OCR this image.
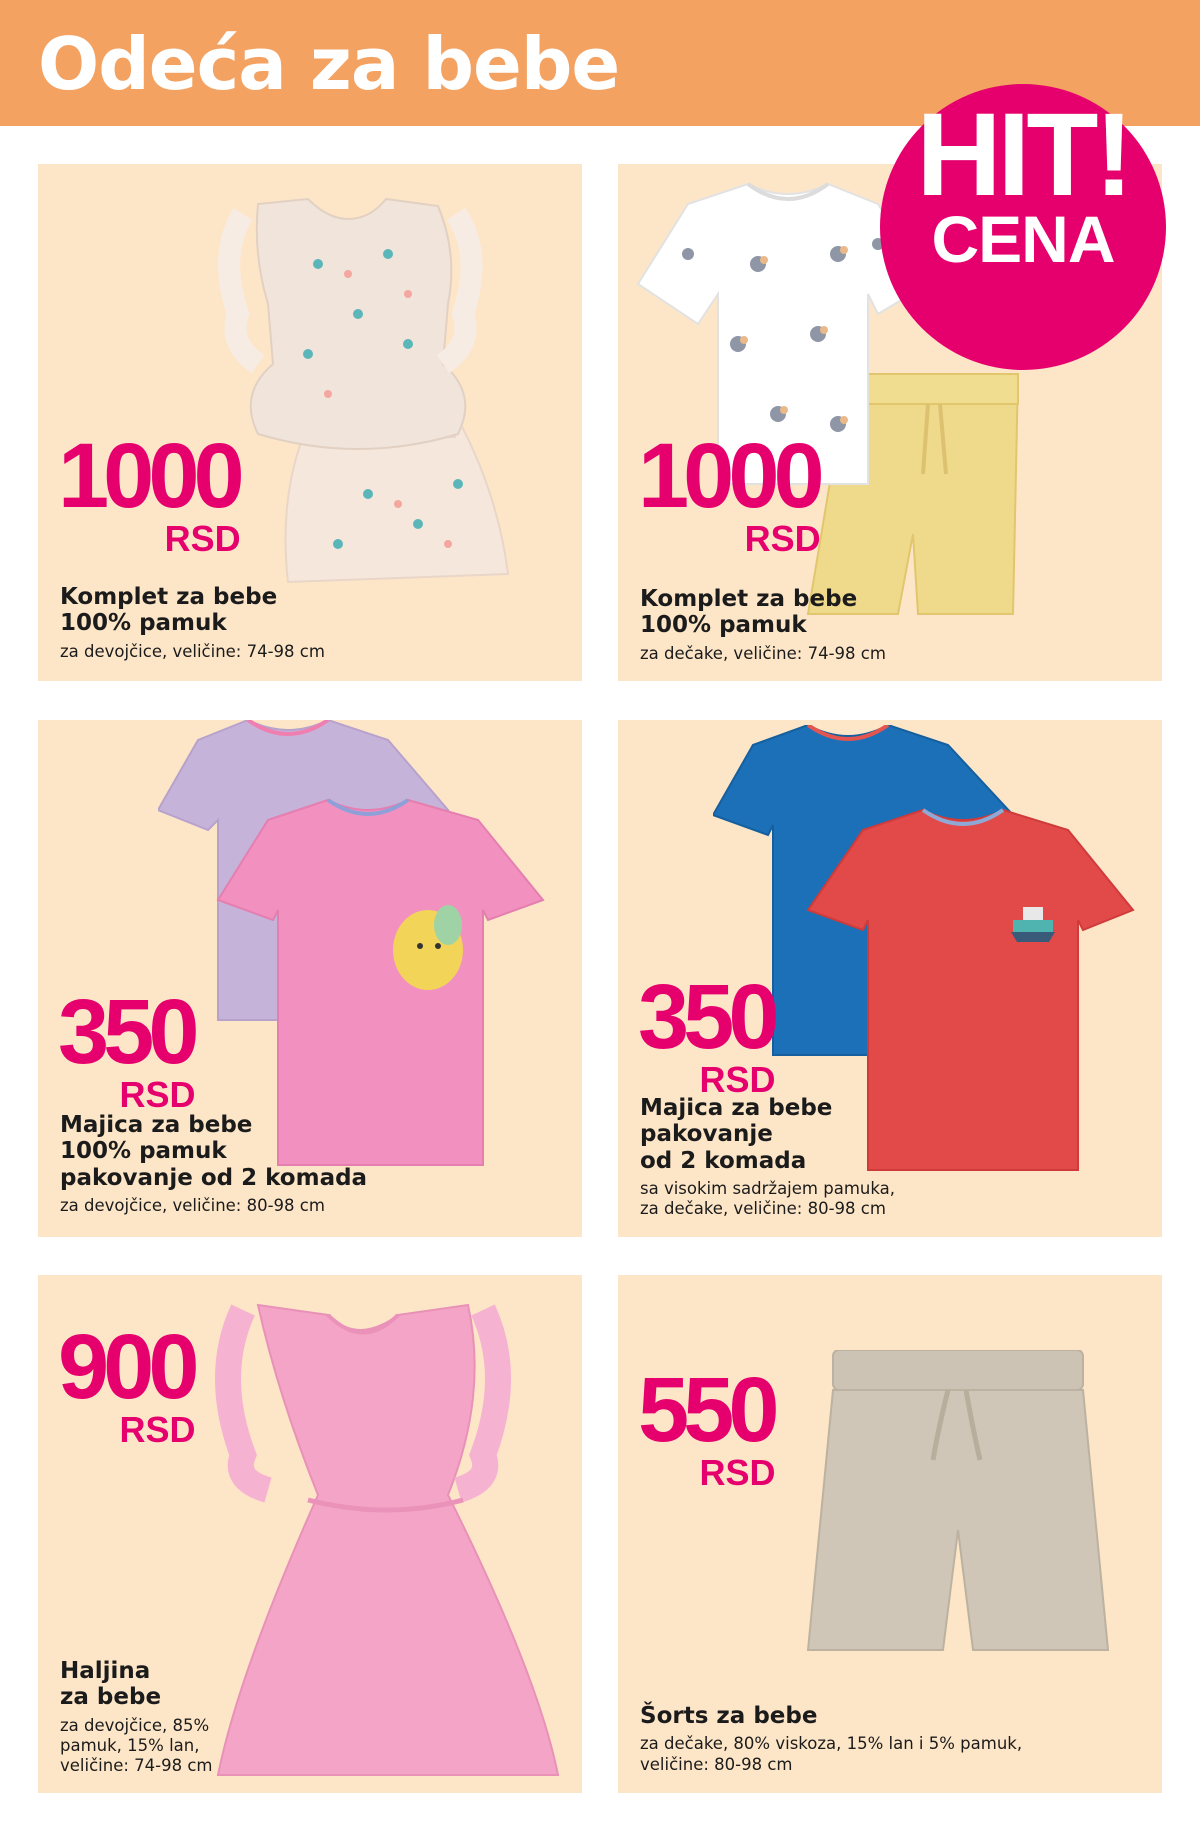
Odeća za bebe
HIT!
CENA
1000
RSD
Komplet za bebe
100% pamuk
za devojčice, veličine: 74-98 cm
1000
RSD
Komplet za bebe
100% pamuk
za dečake, veličine: 74-98 cm
350
RSD
Majica za bebe
100% pamuk
pakovanje od 2 komada
za devojčice, veličine: 80-98 cm
350
RSD
Majica za bebe
pakovanje
od 2 komada
sa visokim sadržajem pamuka,
za dečake, veličine: 80-98 cm
900
RSD
Haljina
za bebe
za devojčice, 85%
pamuk, 15% lan,
veličine: 74-98 cm
550
RSD
Šorts za bebe
za dečake, 80% viskoza, 15% lan i 5% pamuk,
veličine: 80-98 cm
